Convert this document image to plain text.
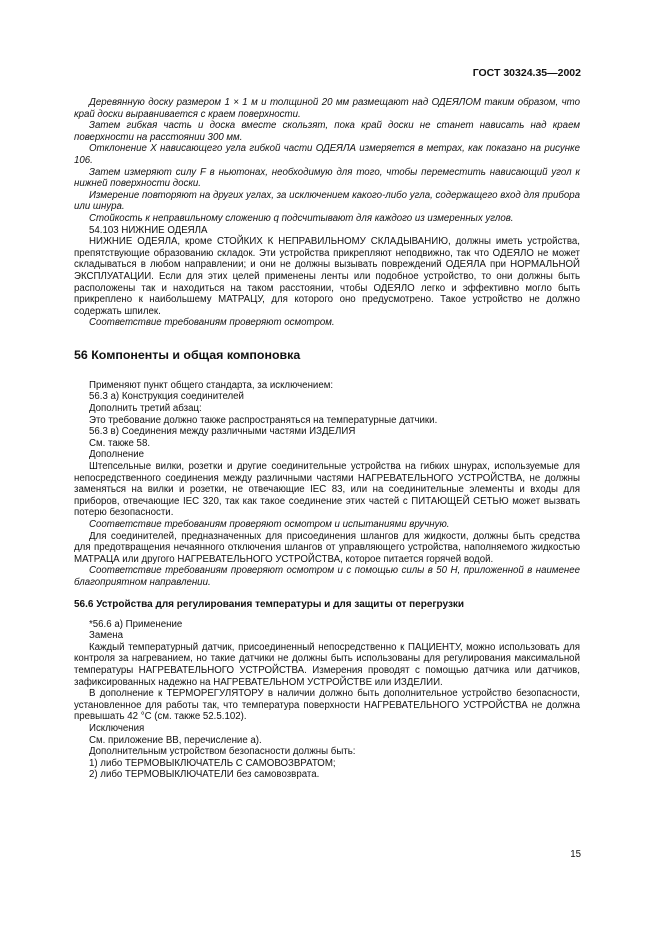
ГОСТ 30324.35—2002

Деревянную доску размером 1 × 1 м и толщиной 20 мм размещают над ОДЕЯЛОМ таким образом, что край доски выравнивается с краем поверхности.

Затем гибкая часть и доска вместе скользят, пока край доски не станет нависать над краем поверхности на расстоянии 300 мм.

Отклонение X нависающего угла гибкой части ОДЕЯЛА измеряется в метрах, как показано на рисунке 106.

Затем измеряют силу F в ньютонах, необходимую для того, чтобы переместить нависающий угол к нижней поверхности доски.

Измерение повторяют на других углах, за исключением какого-либо угла, содержащего вход для прибора или шнура.

Стойкость к неправильному сложению q подсчитывают для каждого из измеренных углов.

54.103 НИЖНИЕ ОДЕЯЛА

НИЖНИЕ ОДЕЯЛА, кроме СТОЙКИХ К НЕПРАВИЛЬНОМУ СКЛАДЫВАНИЮ, должны иметь устройства, препятствующие образованию складок. Эти устройства прикрепляют неподвижно, так что ОДЕЯЛО не может складываться в любом направлении; и они не должны вызывать повреждений ОДЕЯЛА при НОРМАЛЬНОЙ ЭКСПЛУАТАЦИИ. Если для этих целей применены ленты или подобное устройство, то они должны быть расположены так и находиться на таком расстоянии, чтобы ОДЕЯЛО легко и эффективно могло быть прикреплено к наибольшему МАТРАЦУ, для которого оно предусмотрено. Такое устройство не должно содержать шпилек.

Соответствие требованиям проверяют осмотром.

56 Компоненты и общая компоновка

Применяют пункт общего стандарта, за исключением:

56.3 а) Конструкция соединителей

Дополнить третий абзац:

Это требование должно также распространяться на температурные датчики.

56.3 в) Соединения между различными частями ИЗДЕЛИЯ

См. также 58.

Дополнение

Штепсельные вилки, розетки и другие соединительные устройства на гибких шнурах, используемые для непосредственного соединения между различными частями НАГРЕВАТЕЛЬНОГО УСТРОЙСТВА, не должны заменяться на вилки и розетки, не отвечающие IEC 83, или на соединительные элементы и входы для приборов, отвечающие IEC 320, так как такое соединение этих частей с ПИТАЮЩЕЙ СЕТЬЮ может вызвать потерю безопасности.

Соответствие требованиям проверяют осмотром и испытаниями вручную.

Для соединителей, предназначенных для присоединения шлангов для жидкости, должны быть средства для предотвращения нечаянного отключения шлангов от управляющего устройства, наполняемого жидкостью МАТРАЦА или другого НАГРЕВАТЕЛЬНОГО УСТРОЙСТВА, которое питается горячей водой.

Соответствие требованиям проверяют осмотром и с помощью силы в 50 Н, приложенной в наименее благоприятном направлении.

56.6 Устройства для регулирования температуры и для защиты от перегрузки

*56.6 а) Применение

Замена

Каждый температурный датчик, присоединенный непосредственно к ПАЦИЕНТУ, можно использовать для контроля за нагреванием, но такие датчики не должны быть использованы для регулирования максимальной температуры НАГРЕВАТЕЛЬНОГО УСТРОЙСТВА. Измерения проводят с помощью датчика или датчиков, зафиксированных надежно на НАГРЕВАТЕЛЬНОМ УСТРОЙСТВЕ или ИЗДЕЛИИ.

В дополнение к ТЕРМОРЕГУЛЯТОРУ в наличии должно быть дополнительное устройство безопасности, установленное для работы так, что температура поверхности НАГРЕВАТЕЛЬНОГО УСТРОЙСТВА не должна превышать 42 °С (см. также 52.5.102).

Исключения

См. приложение ВВ, перечисление а).

Дополнительным устройством безопасности должны быть:

1) либо ТЕРМОВЫКЛЮЧАТЕЛЬ С САМОВОЗВРАТОМ;

2) либо ТЕРМОВЫКЛЮЧАТЕЛИ без самовозврата.

15
